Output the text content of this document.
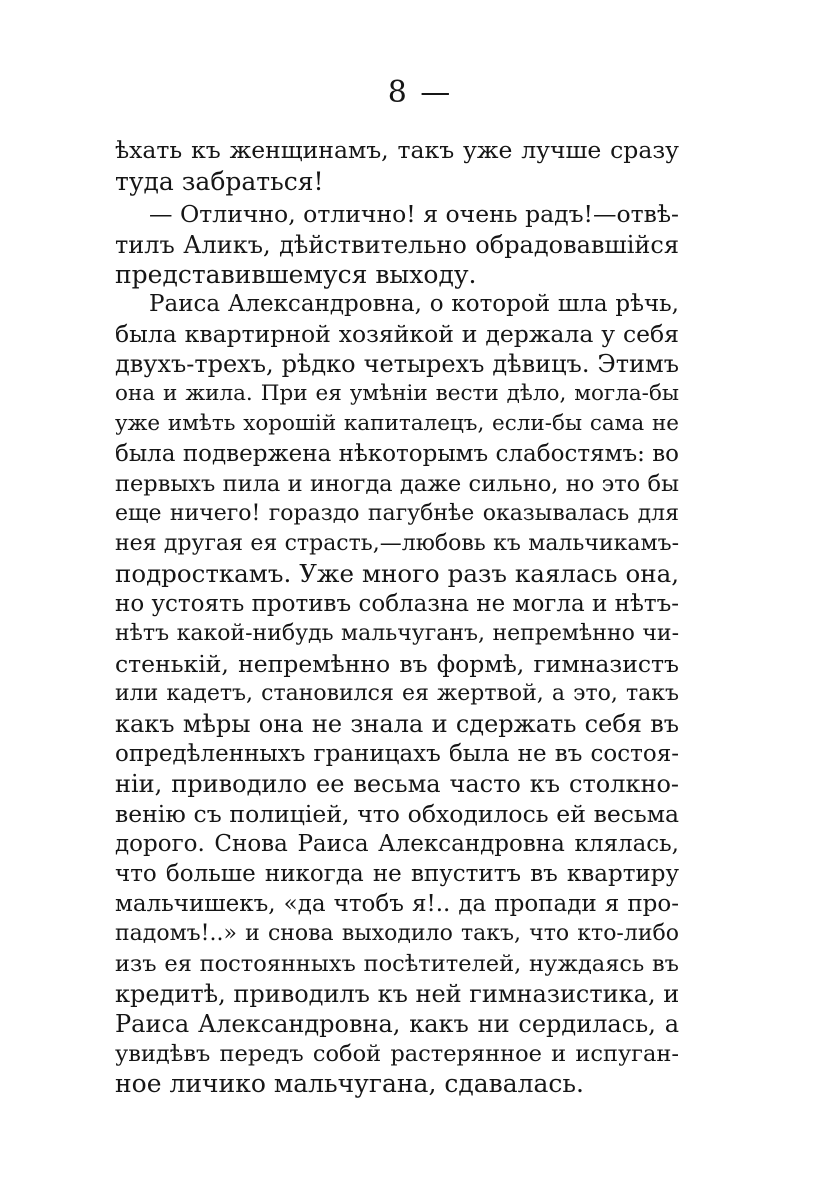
8 —
ѣхать къ женщинамъ, такъ уже лучше сразу
туда забраться!
— Отлично, отлично! я очень радъ!—отвѣ-
тилъ Аликъ, дѣйствительно обрадовавшійся
представившемуся выходу.
Раиса Александровна, о которой шла рѣчь,
была квартирной хозяйкой и держала у себя
двухъ-трехъ, рѣдко четырехъ дѣвицъ. Этимъ
она и жила. При ея умѣніи вести дѣло, могла-бы
уже имѣть хорошій капиталецъ, если-бы сама не
была подвержена нѣкоторымъ слабостямъ: во
первыхъ пила и иногда даже сильно, но это бы
еще ничего! гораздо пагубнѣе оказывалась для
нея другая ея страсть,—любовь къ мальчикамъ-
подросткамъ. Уже много разъ каялась она,
но устоять противъ соблазна не могла и нѣтъ-
нѣтъ какой-нибудь мальчуганъ, непремѣнно чи-
стенькій, непремѣнно въ формѣ, гимназистъ
или кадетъ, становился ея жертвой, а это, такъ
какъ мѣры она не знала и сдержать себя въ
опредѣленныхъ границахъ была не въ состоя-
ніи, приводило ее весьма часто къ столкно-
венію съ полиціей, что обходилось ей весьма
дорого. Снова Раиса Александровна клялась,
что больше никогда не впуститъ въ квартиру
мальчишекъ, «да чтобъ я!.. да пропади я про-
падомъ!..» и снова выходило такъ, что кто-либо
изъ ея постоянныхъ посѣтителей, нуждаясь въ
кредитѣ, приводилъ къ ней гимназистика, и
Раиса Александровна, какъ ни сердилась, а
увидѣвъ передъ собой растерянное и испуган-
ное личико мальчугана, сдавалась.
